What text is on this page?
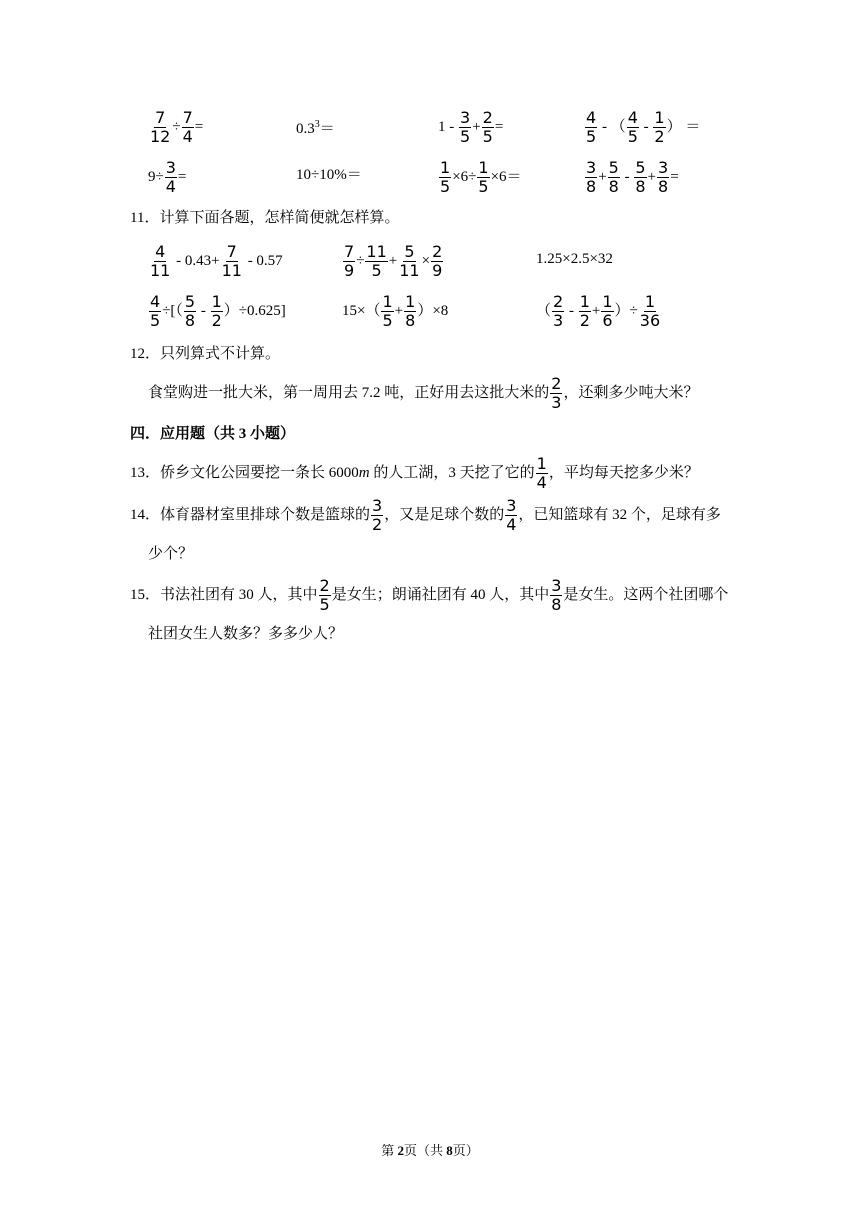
$\frac{7}{12} \div \frac{7}{4}$ =	$0.3^3=$	$1 - \frac{3}{5} + \frac{2}{5}$ =	$\frac{4}{5}$ - （ $\frac{4}{5} - \frac{1}{2}$ ） ＝
$9\div \frac{3}{4}$ =	10÷10%＝	$\frac{1}{5} \times 6\div \frac{1}{5} \times 6=$	$\frac{3}{8} + \frac{5}{8} - \frac{5}{8} + \frac{3}{8}$ =
11．计算下面各题，怎样简便就怎样算。
$\frac{4}{11} - 0.43+ \frac{7}{11} - 0.57$	$\frac{7}{9} \div \frac{11}{5} + \frac{5}{11} \times \frac{2}{9}$	1.25×2.5×32
$\frac{4}{5}$ ÷[（ $\frac{5}{8} - \frac{1}{2} )\div 0.625$]	$15\times( \frac{1}{5} + \frac{1}{8} )\times 8$	（ $\frac{2}{3} - \frac{1}{2} + \frac{1}{6}$ ）÷ $\frac{1}{36}$
12．只列算式不计算。
食堂购进一批大米，第一周用去 7.2 吨，正好用去这批大米的 $\frac{2}{3}$ ，还剩多少吨大米？
四．应用题（共 3 小题）
13．侨乡文化公园要挖一条长 6000m 的人工湖，3 天挖了它的 $\frac{1}{4}$ ，平均每天挖多少米？
14．体育器材室里排球个数是篮球的 $\frac{3}{2}$ ，又是足球个数的 $\frac{3}{4}$ ，已知篮球有 32 个，足球有多
少个？
15．书法社团有 30 人，其中 $\frac{2}{5}$ 是女生；朗诵社团有 40 人，其中 $\frac{3}{8}$ 是女生。这两个社团哪个
社团女生人数多？多多少人？
第 2页（共 8页）
